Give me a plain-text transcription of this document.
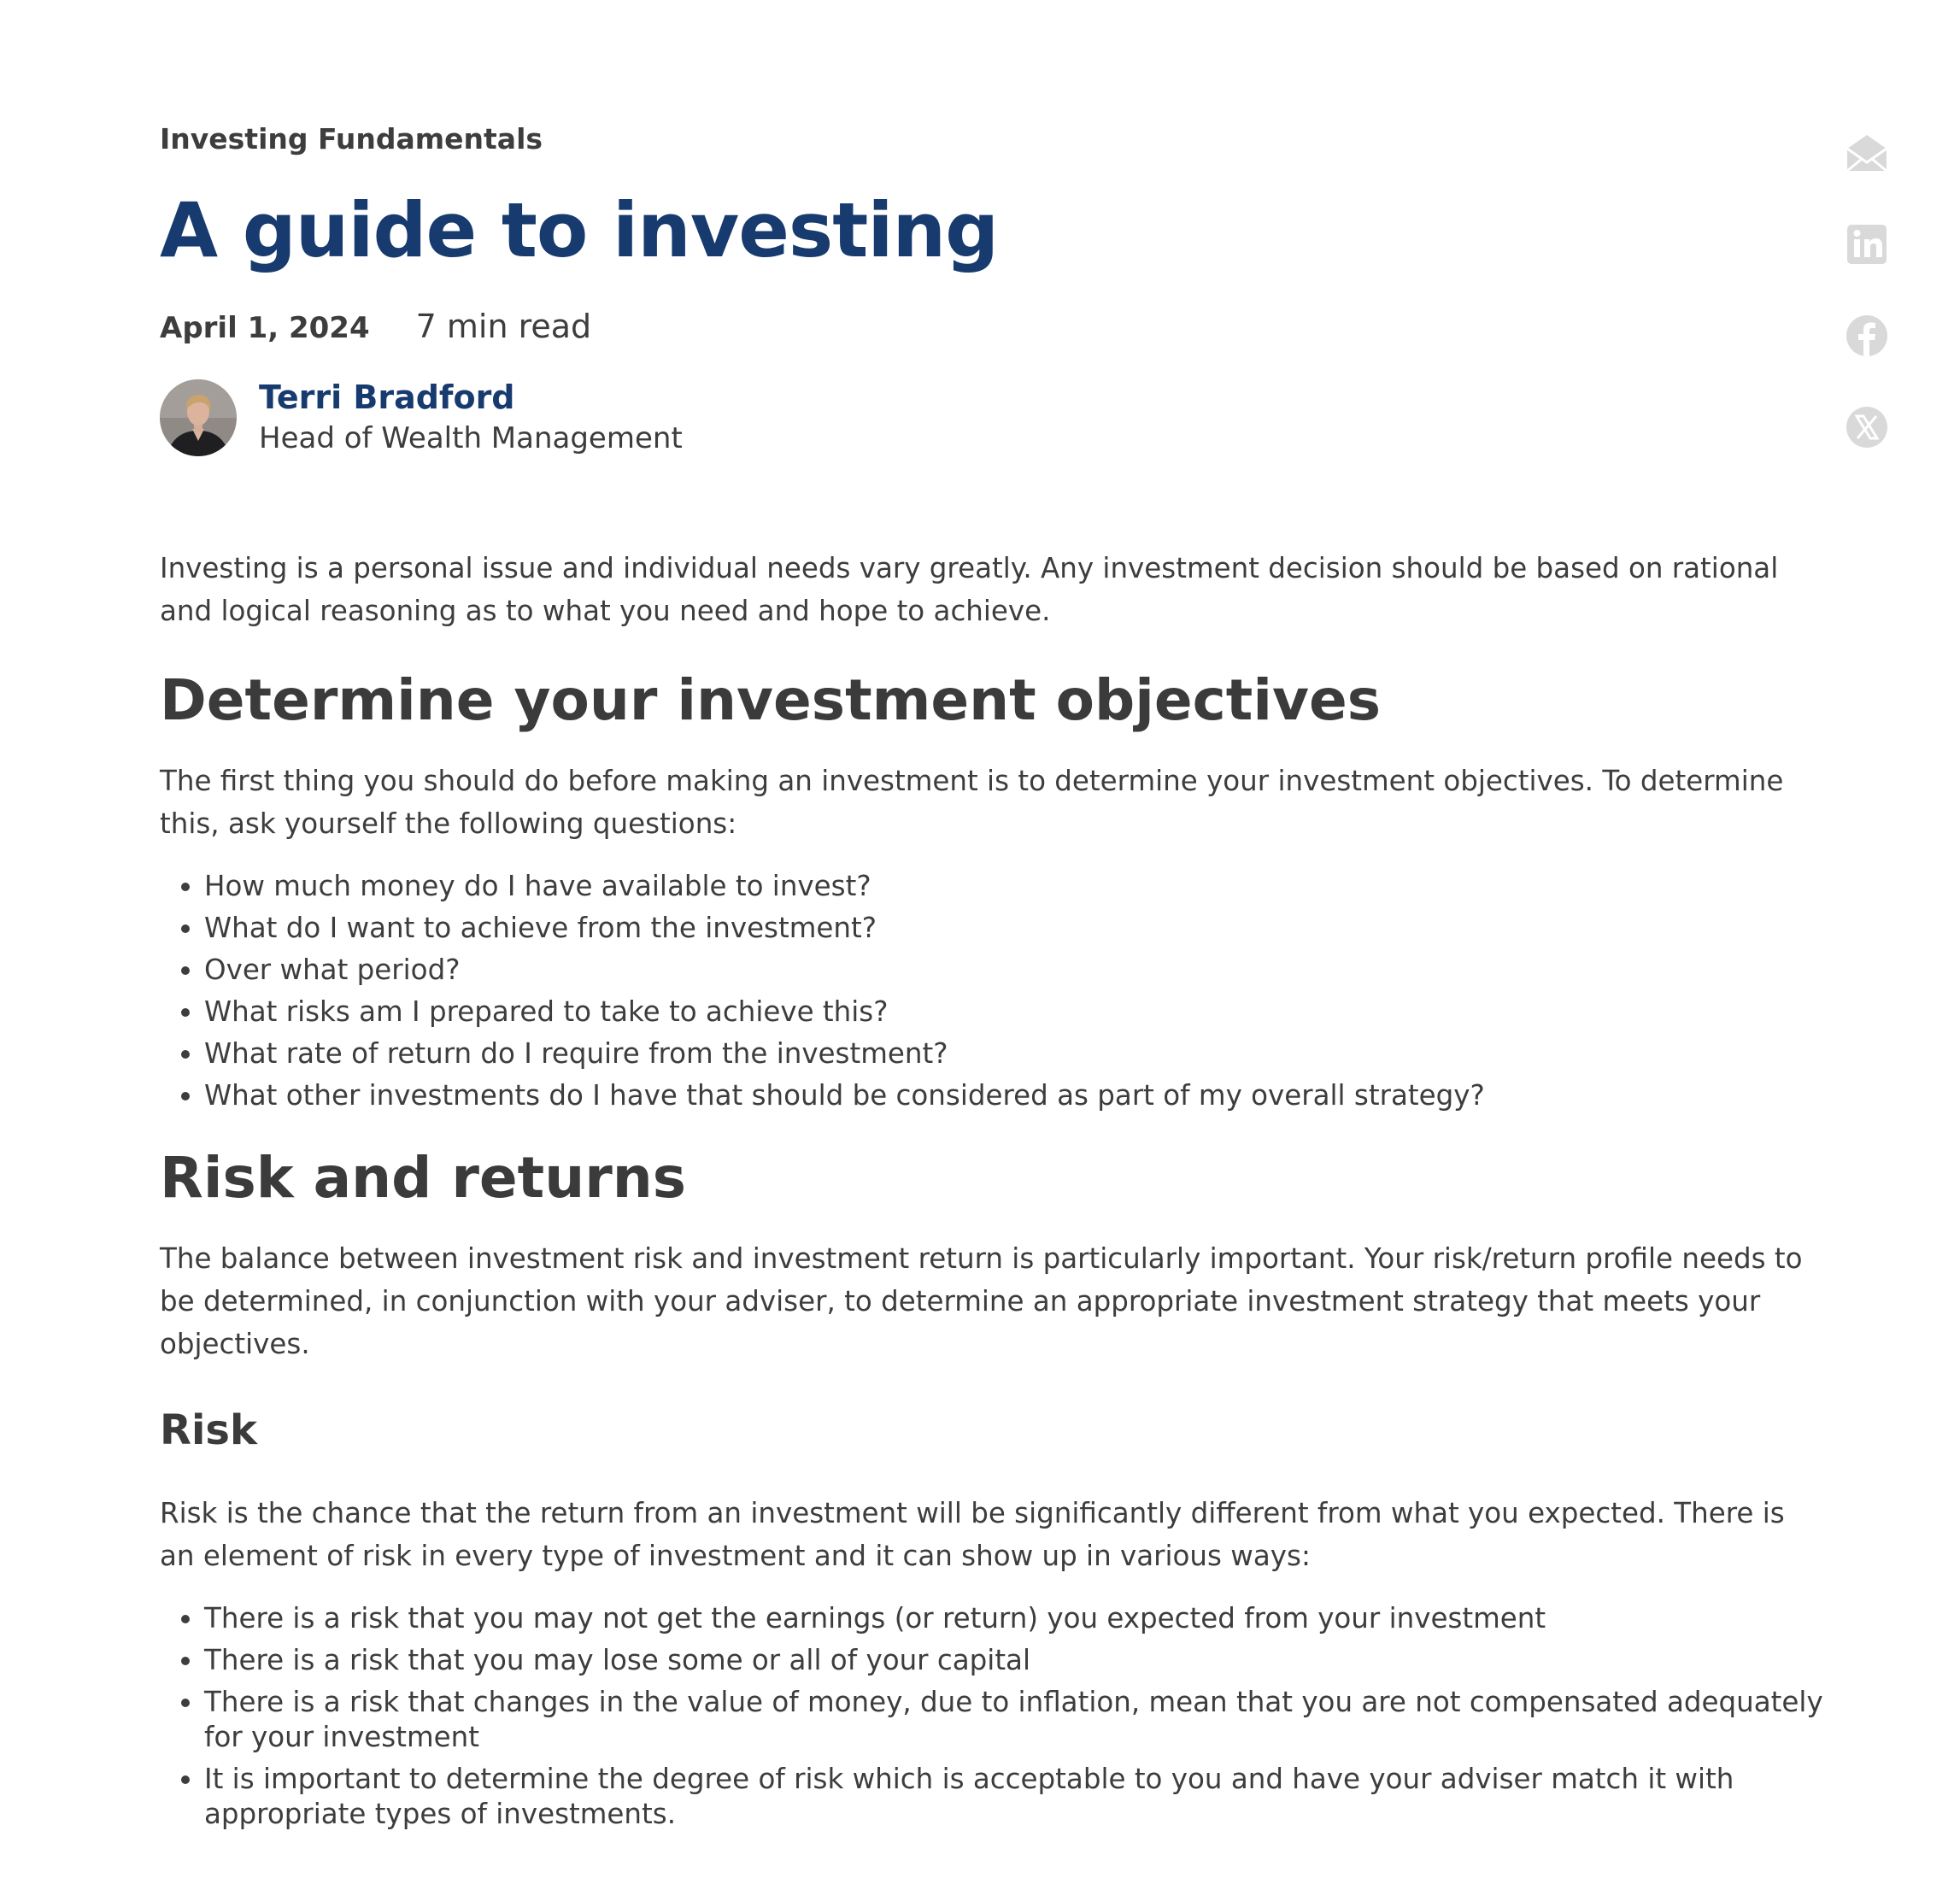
Investing Fundamentals
A guide to investing
April 1, 2024 7 min read
Terri Bradford
Head of Wealth Management

Investing is a personal issue and individual needs vary greatly. Any investment decision should be based on rational and logical reasoning as to what you need and hope to achieve.

Determine your investment objectives

The first thing you should do before making an investment is to determine your investment objectives. To determine this, ask yourself the following questions:

• How much money do I have available to invest?
• What do I want to achieve from the investment?
• Over what period?
• What risks am I prepared to take to achieve this?
• What rate of return do I require from the investment?
• What other investments do I have that should be considered as part of my overall strategy?
Risk and returns

The balance between investment risk and investment return is particularly important. Your risk/return profile needs to be determined, in conjunction with your adviser, to determine an appropriate investment strategy that meets your objectives.

Risk

Risk is the chance that the return from an investment will be significantly different from what you expected. There is an element of risk in every type of investment and it can show up in various ways:

• There is a risk that you may not get the earnings (or return) you expected from your investment
• There is a risk that you may lose some or all of your capital
• There is a risk that changes in the value of money, due to inflation, mean that you are not compensated adequately for your investment
• It is important to determine the degree of risk which is acceptable to you and have your adviser match it with appropriate types of investments.
